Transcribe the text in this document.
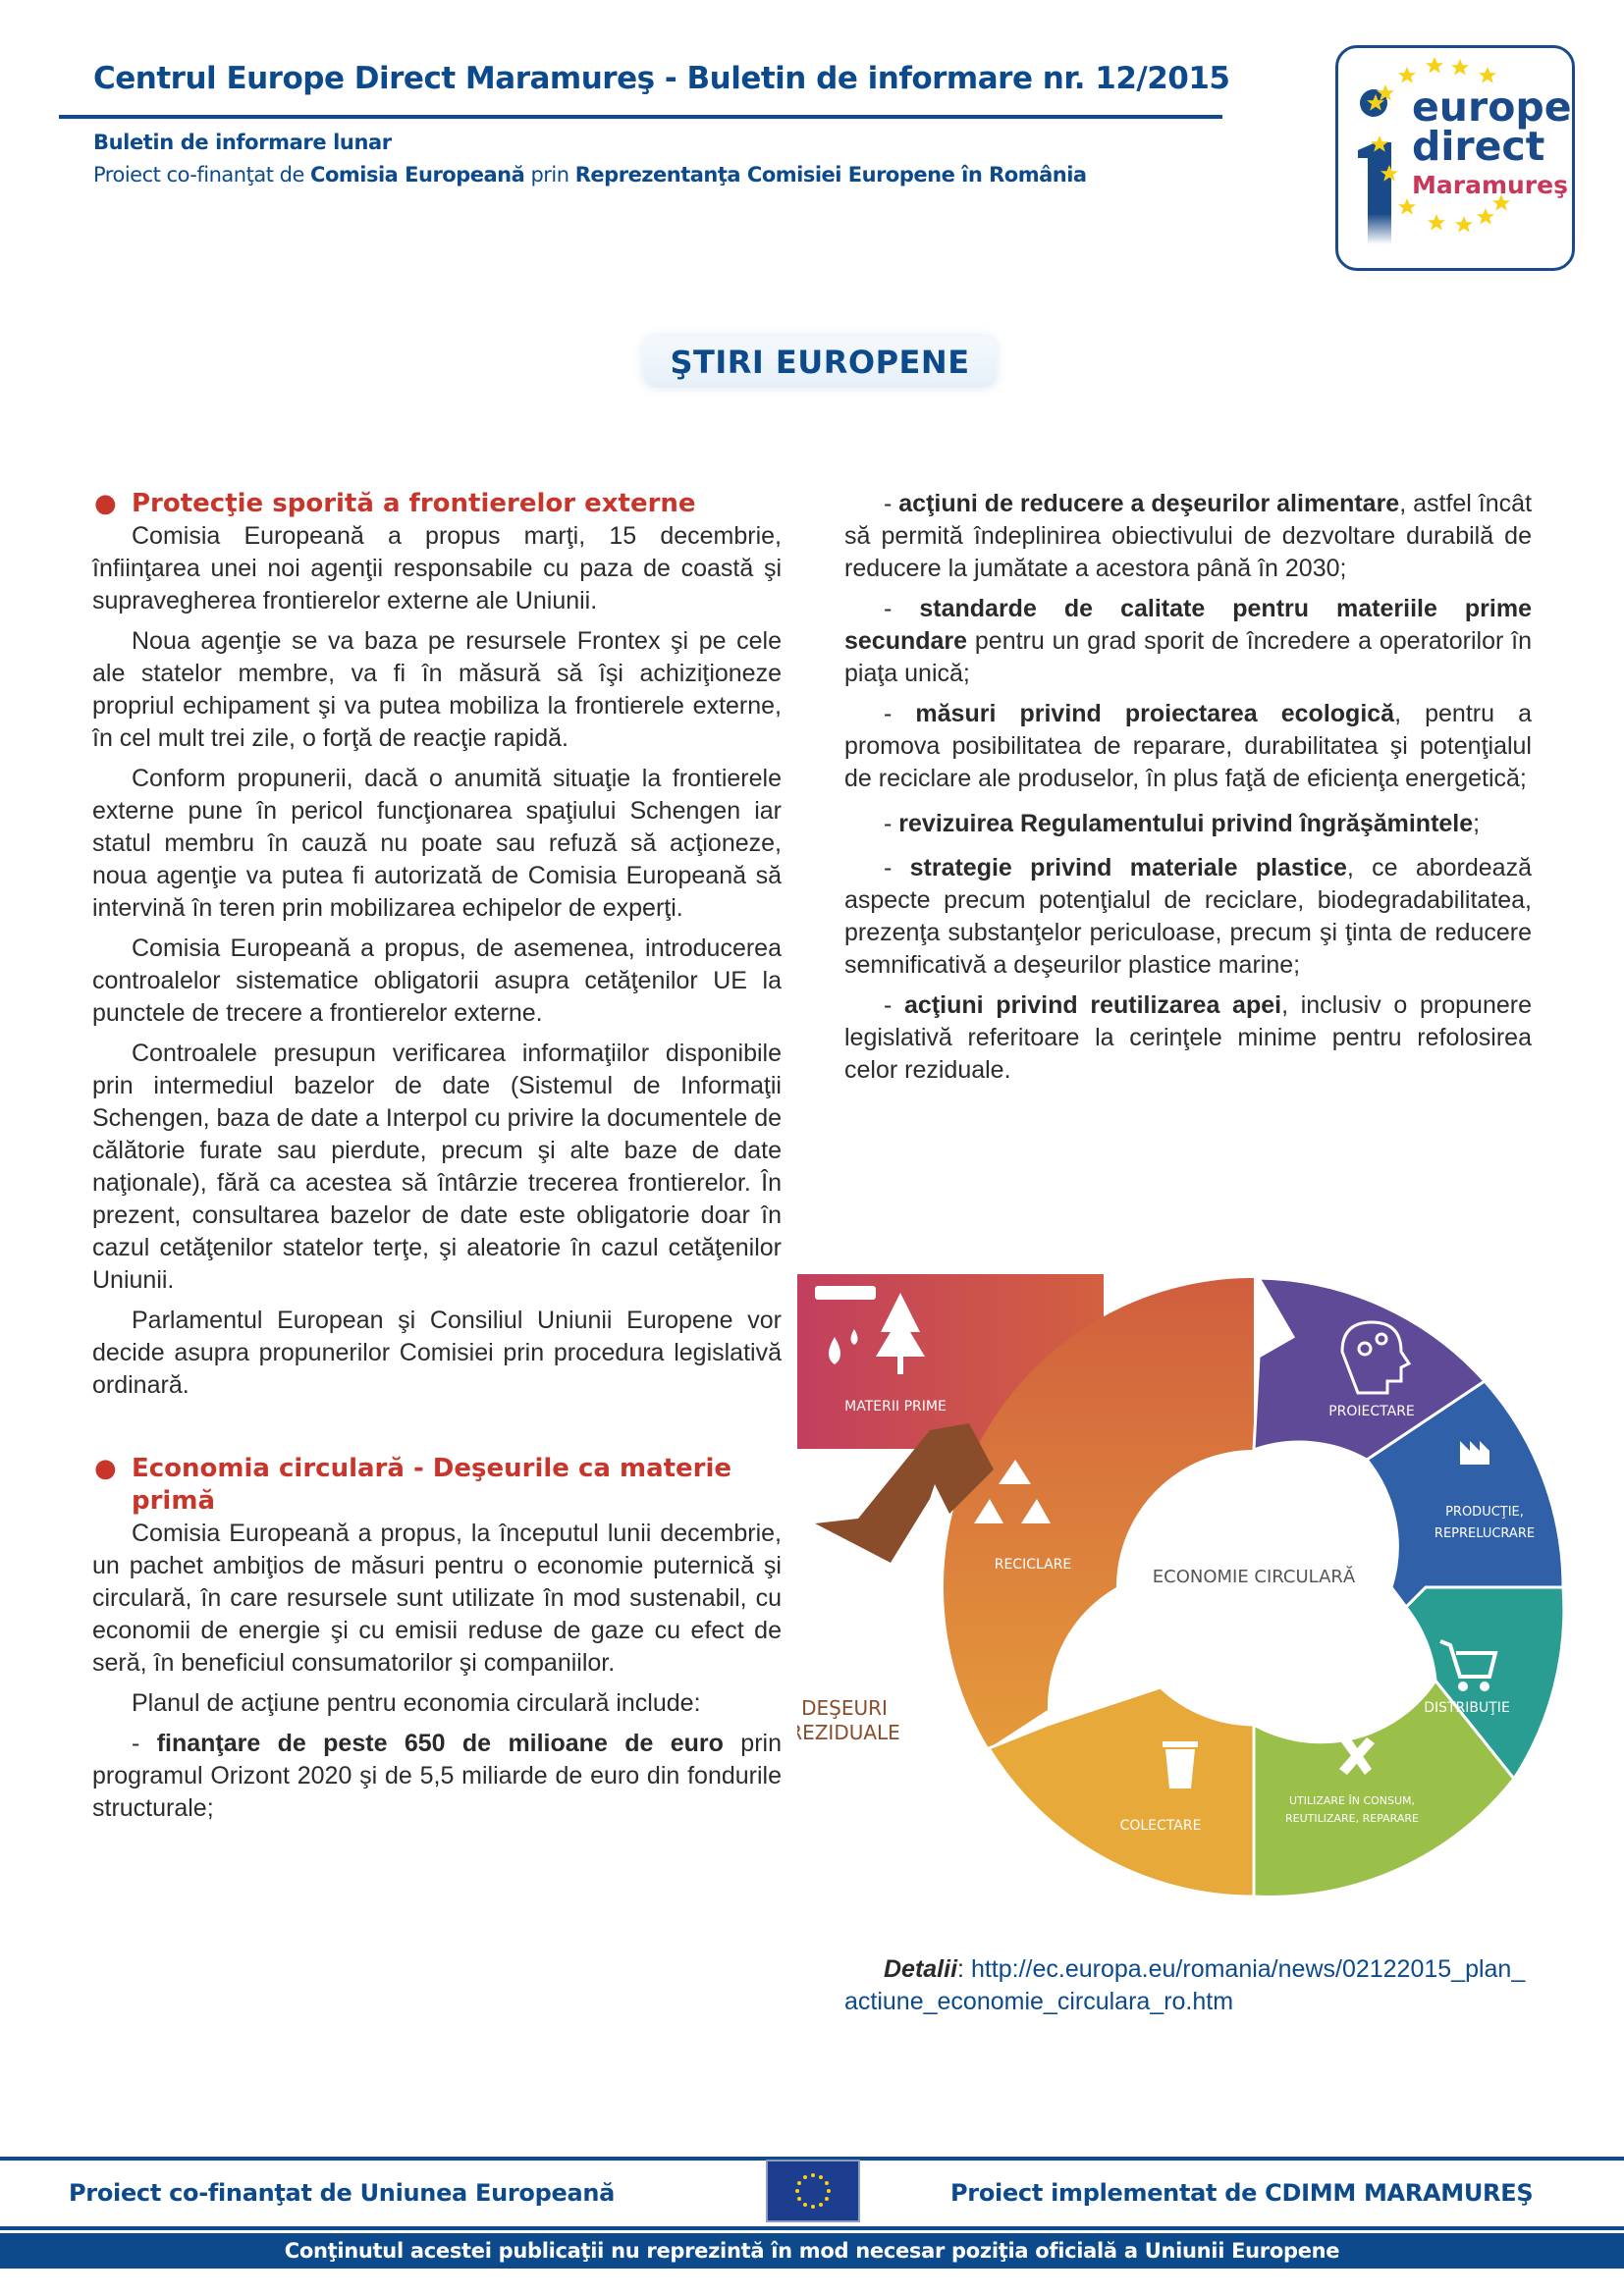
Centrul Europe Direct Maramureş - Buletin de informare nr. 12/2015
Buletin de informare lunar
Proiect co-finanţat de Comisia Europeană prin Reprezentanţa Comisiei Europene în România
europe
direct
Maramureş
ŞTIRI EUROPENE
● Protecţie sporită a frontierelor externe

Comisia Europeană a propus marţi, 15 decembrie, înfiinţarea unei noi agenţii responsabile cu paza de coastă şi supravegherea frontierelor externe ale Uniunii.

Noua agenţie se va baza pe resursele Frontex şi pe cele ale statelor membre, va fi în măsură să îşi achiziţioneze propriul echipament şi va putea mobiliza la frontierele externe, în cel mult trei zile, o forţă de reacţie rapidă.

Conform propunerii, dacă o anumită situaţie la frontierele externe pune în pericol funcţionarea spaţiului Schengen iar statul membru în cauză nu poate sau refuză să acţioneze, noua agenţie va putea fi autorizată de Comisia Europeană să intervină în teren prin mobilizarea echipelor de experţi.

Comisia Europeană a propus, de asemenea, introducerea controalelor sistematice obligatorii asupra cetăţenilor UE la punctele de trecere a frontierelor externe.

Controalele presupun verificarea informaţiilor disponibile prin intermediul bazelor de date (Sistemul de Informaţii Schengen, baza de date a Interpol cu privire la documentele de călătorie furate sau pierdute, precum şi alte baze de date naţionale), fără ca acestea să întârzie trecerea frontierelor. În prezent, consultarea bazelor de date este obligatorie doar în cazul cetăţenilor statelor terţe, şi aleatorie în cazul cetăţenilor Uniunii.

Parlamentul European şi Consiliul Uniunii Europene vor decide asupra propunerilor Comisiei prin procedura legislativă ordinară.

● Economia circulară - Deşeurile ca materie primă

Comisia Europeană a propus, la începutul lunii decembrie, un pachet ambiţios de măsuri pentru o economie puternică şi circulară, în care resursele sunt utilizate în mod sustenabil, cu economii de energie şi cu emisii reduse de gaze cu efect de seră, în beneficiul consumatorilor şi companiilor.

Planul de acţiune pentru economia circulară include:

- finanţare de peste 650 de milioane de euro prin programul Orizont 2020 şi de 5,5 miliarde de euro din fondurile structurale;

- acţiuni de reducere a deşeurilor alimentare, astfel încât să permită îndeplinirea obiectivului de dezvoltare durabilă de reducere la jumătate a acestora până în 2030;

- standarde de calitate pentru materiile prime secundare pentru un grad sporit de încredere a operatorilor în piaţa unică;

- măsuri privind proiectarea ecologică, pentru a promova posibilitatea de reparare, durabilitatea şi potenţialul de reciclare ale produselor, în plus faţă de eficienţa energetică;

- revizuirea Regulamentului privind îngrăşămintele;

- strategie privind materiale plastice, ce abordează aspecte precum potenţialul de reciclare, biodegradabilitatea, prezenţa substanţelor periculoase, precum şi ţinta de reducere semnificativă a deşeurilor plastice marine;

- acţiuni privind reutilizarea apei, inclusiv o propunere legislativă referitoare la cerinţele minime pentru refolosirea celor reziduale.

MATERII PRIME	PROIECTARE
PRODUCŢIE,
REPRELUCRARE
DISTRIBUŢIE
UTILIZARE ÎN CONSUM,
REUTILIZARE, REPARARE
COLECTARE
RECICLARE
ECONOMIE CIRCULARĂ
DEŞEURI
REZIDUALE
Detalii: http://ec.europa.eu/romania/news/02122015_plan_actiune_economie_circulara_ro.htm
Proiect co-finanţat de Uniunea Europeană	Proiect implementat de CDIMM MARAMUREŞ
Conţinutul acestei publicaţii nu reprezintă în mod necesar poziţia oficială a Uniunii Europene
